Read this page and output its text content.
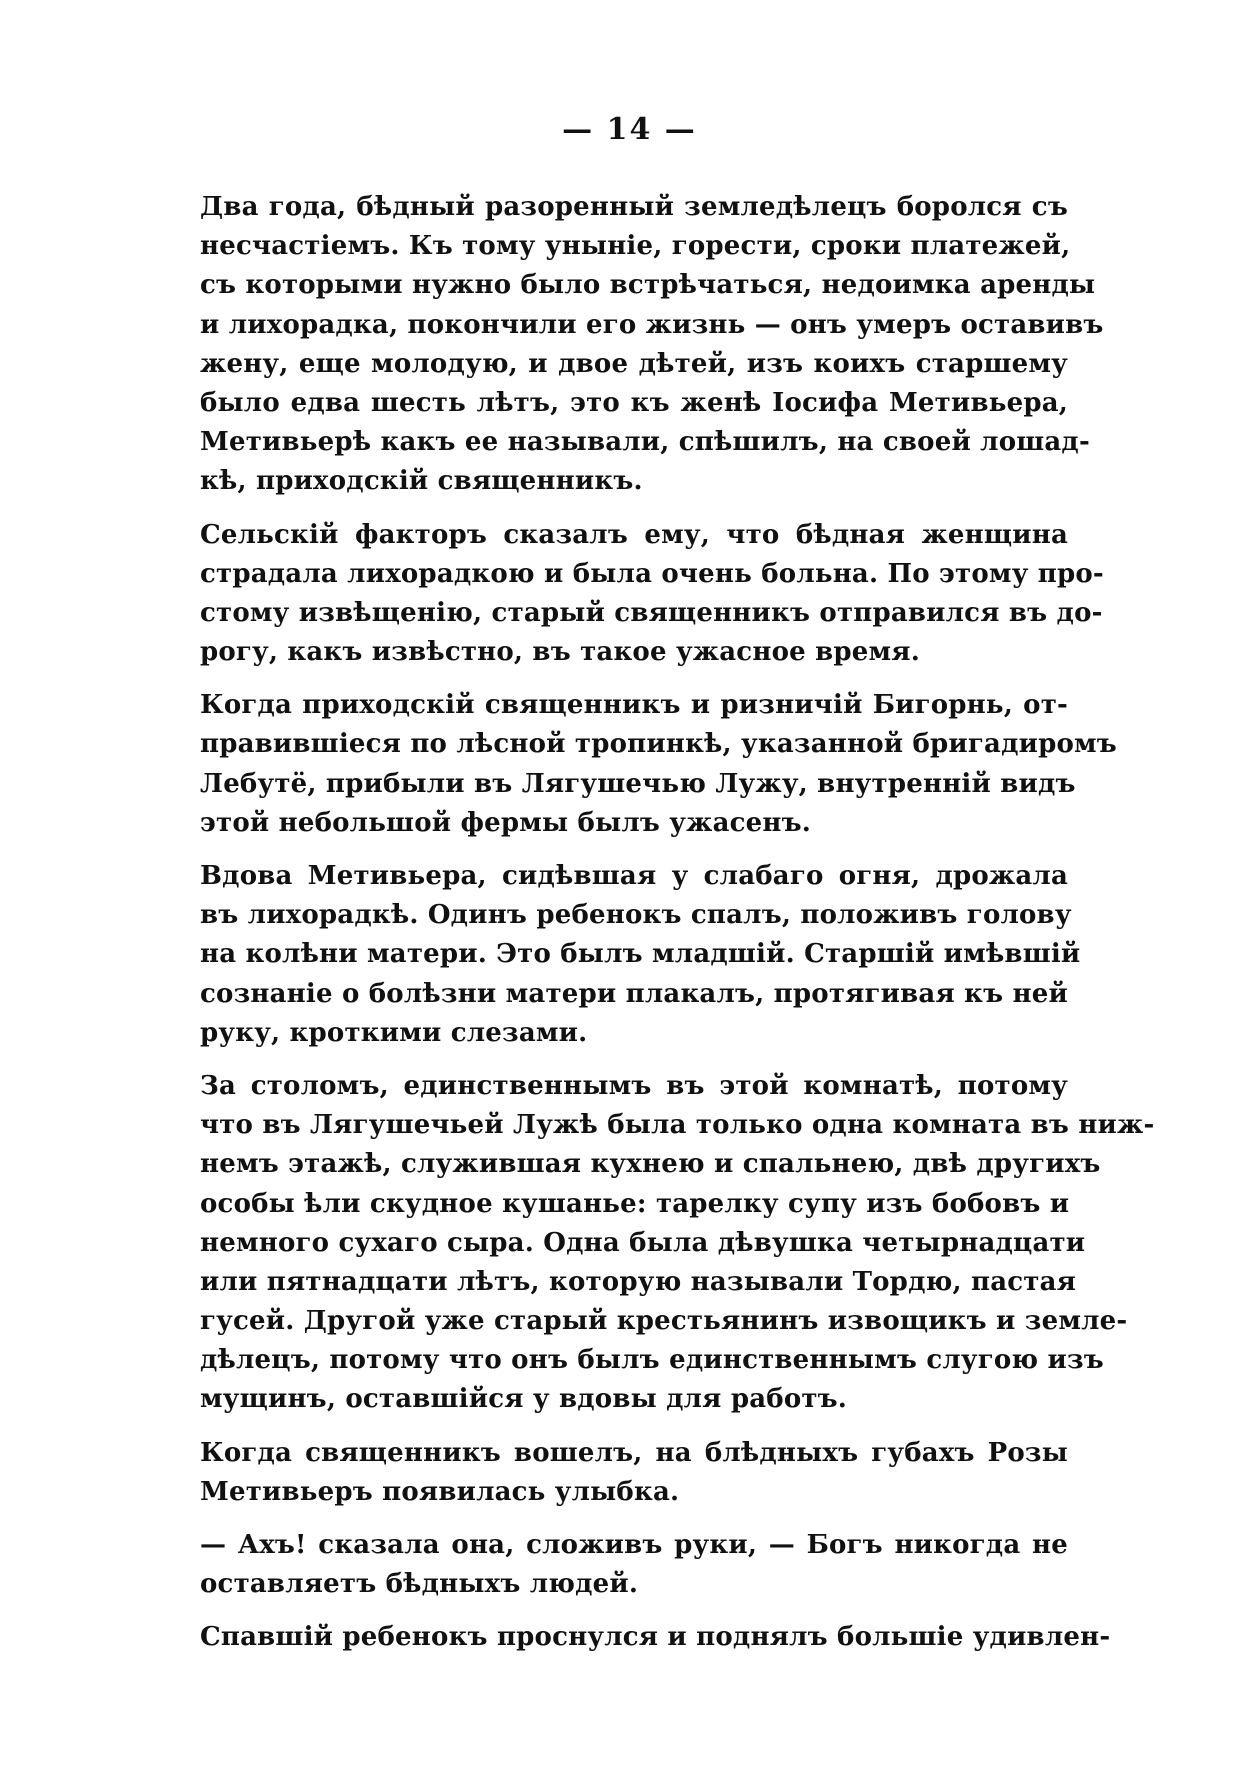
— 14 —
Два года, бѣдный разоренный земледѣлецъ боролся съ
несчастіемъ. Къ тому уныніе, горести, сроки платежей,
съ которыми нужно было встрѣчаться, недоимка аренды
и лихорадка, покончили его жизнь — онъ умеръ оставивъ
жену, еще молодую, и двое дѣтей, изъ коихъ старшему
было едва шесть лѣтъ, это къ женѣ Іосифа Метивьера,
Метивьерѣ какъ ее называли, спѣшилъ, на своей лошад-
кѣ, приходскій священникъ.
Сельскій факторъ сказалъ ему, что бѣдная женщина
страдала лихорадкою и была очень больна. По этому про-
стому извѣщенію, старый священникъ отправился въ до-
рогу, какъ извѣстно, въ такое ужасное время.
Когда приходскій священникъ и ризничій Бигорнь, от-
правившіеся по лѣсной тропинкѣ, указанной бригадиромъ
Лебутё, прибыли въ Лягушечью Лужу, внутренній видъ
этой небольшой фермы былъ ужасенъ.
Вдова Метивьера, сидѣвшая у слабаго огня, дрожала
въ лихорадкѣ. Одинъ ребенокъ спалъ, положивъ голову
на колѣни матери. Это былъ младшій. Старшій имѣвшій
сознаніе о болѣзни матери плакалъ, протягивая къ ней
руку, кроткими слезами.
За столомъ, единственнымъ въ этой комнатѣ, потому
что въ Лягушечьей Лужѣ была только одна комната въ ниж-
немъ этажѣ, служившая кухнею и спальнею, двѣ другихъ
особы ѣли скудное кушанье: тарелку супу изъ бобовъ и
немного сухаго сыра. Одна была дѣвушка четырнадцати
или пятнадцати лѣтъ, которую называли Тордю, пастая
гусей. Другой уже старый крестьянинъ извощикъ и земле-
дѣлецъ, потому что онъ былъ единственнымъ слугою изъ
мущинъ, оставшійся у вдовы для работъ.
Когда священникъ вошелъ, на блѣдныхъ губахъ Розы
Метивьеръ появилась улыбка.
— Ахъ! сказала она, сложивъ руки, — Богъ никогда не
оставляетъ бѣдныхъ людей.
Спавшій ребенокъ проснулся и поднялъ большіе удивлен-
